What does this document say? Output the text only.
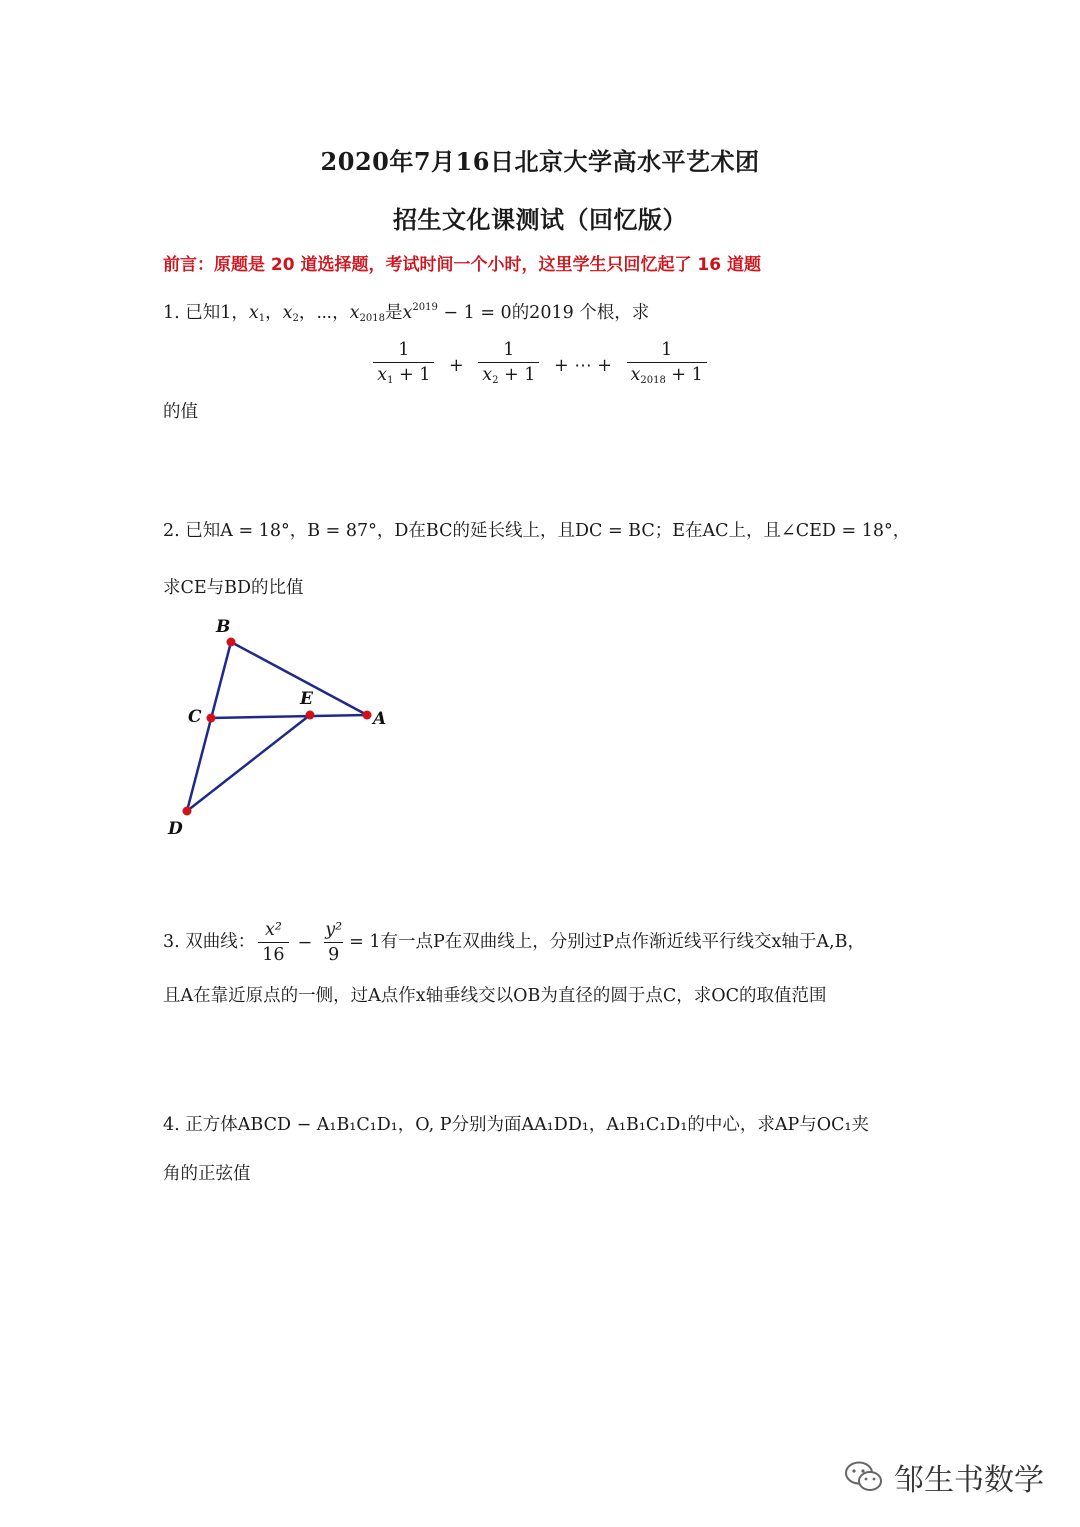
2020年7月16日北京大学高水平艺术团
招生文化课测试（回忆版）
前言：原题是 20 道选择题，考试时间一个小时，这里学生只回忆起了 16 道题
1. 已知1，$x_1$，$x_2$，⋯，$x_{2018}$是$x^{2019} - 1 = 0$的2019 个根，求
$\frac{1}{x_1 + 1} + \frac{1}{x_2 + 1}$ + ⋯ + $\frac{1}{x_{2018} + 1}$
的值
2. 已知A = 18°，B = 87°，D在BC的延长线上，且DC = BC；E在AC上，且∠CED = 18°，
求CE与BD的比值
B
C
E
A
D
3. 双曲线： $\frac{\text{x²}}{16} - \frac{\text{y²}}{9} = 1$有一点P在双曲线上，分别过P点作渐近线平行线交x轴于A,B，
且A在靠近原点的一侧，过A点作x轴垂线交以OB为直径的圆于点C，求OC的取值范围
4. 正方体ABCD − A₁B₁C₁D₁，O, P分别为面AA₁DD₁，A₁B₁C₁D₁的中心，求AP与OC₁夹
角的正弦值
邹生书数学
